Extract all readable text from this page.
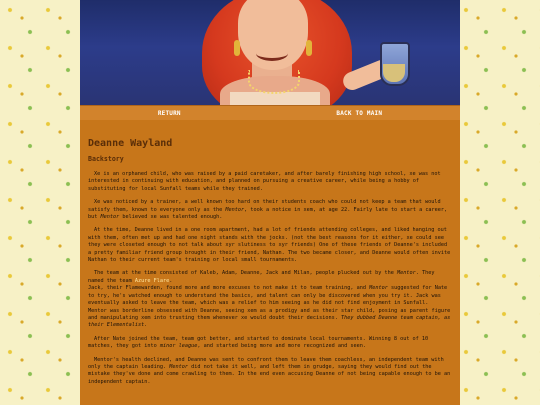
RETURN	BACK TO MAIN
Deanne Wayland
Backstory

Xe is an orphaned child, who was raised by a paid caretaker, and after barely finishing high school, xe was not interested in continuing with education, and planned on pursuing a creative career, while being a hobby of substituting for local Sunfall teams while they trained.

Xe was noticed by a trainer, a well known too hard on their students coach who could not keep a team that would satisfy them, known to everyone only as the Mentor, took a notice in xem, at age 22. Fairly late to start a career, but Mentor believed xe was talented enough.

At the time, Deanne lived in a one room apartment, had a lot of friends attending colleges, and liked hanging out with them, often met up and had one night stands with the jocks. (not the best reasons for it either, xe could see they were closeted enough to not talk about xyr slutiness to xyr friends) One of these friends of Deanne's included a pretty familiar friend group brought in their friend, Nathan. The two became closer, and Deanne would often invite Nathan to their current team's training or local small tournaments.

The team at the time consisted of Kaleb, Adam, Deanne, Jack and Milan, people plucked out by the Mentor. They named the team Azure Flare.

Jack, their Flamewarden, found more and more excuses to not make it to team training, and Mentor suggested for Nate to try, he's watched enough to understand the basics, and talent can only be discovered when you try it. Jack was eventually asked to leave the team, which was a relief to him seeing as he did not find enjoyment in Sunfall.

Mentor was borderline obsessed with Deanne, seeing xem as a prodigy and as their star child, posing as parent figure and manipulating xem into trusting them whenever xe would doubt their decisions. They dubbed Deanne team captain, as their Elementalist.

After Nate joined the team, team got better, and started to dominate local tournaments. Winning 8 out of 10 matches, they got into minor league, and started being more and more recognized and seen.

Mentor's health declined, and Deanne was sent to confront them to leave them coachless, an independent team with only the captain leading. Mentor did not take it well, and left them in grudge, saying they would find out the mistake they've done and come crawling to them. In the end even accusing Deanne of not being capable enough to be an independent captain.
